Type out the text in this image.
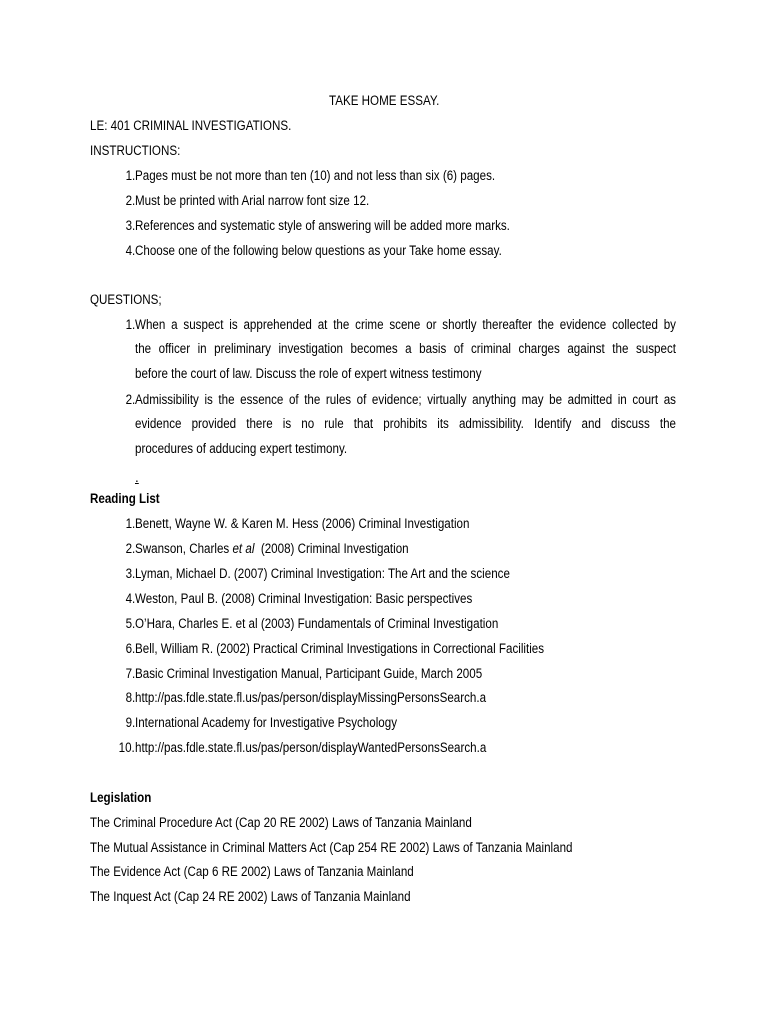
TAKE HOME ESSAY.
LE: 401 CRIMINAL INVESTIGATIONS.
INSTRUCTIONS:
1. Pages must be not more than ten (10) and not less than six (6) pages.
2. Must be printed with Arial narrow font size 12.
3. References and systematic style of answering will be added more marks.
4. Choose one of the following below questions as your Take home essay.
QUESTIONS;
1. When a suspect is apprehended at the crime scene or shortly thereafter the evidence collected by
the officer in preliminary investigation becomes a basis of criminal charges against the suspect
before the court of law. Discuss the role of expert witness testimony
2. Admissibility is the essence of the rules of evidence; virtually anything may be admitted in court as
evidence provided there is no rule that prohibits its admissibility. Identify and discuss the
procedures of adducing expert testimony.
.
Reading List
1. Benett, Wayne W. & Karen M. Hess (2006) Criminal Investigation
2. Swanson, Charles et al  (2008) Criminal Investigation
3. Lyman, Michael D. (2007) Criminal Investigation: The Art and the science
4. Weston, Paul B. (2008) Criminal Investigation: Basic perspectives
5. O’Hara, Charles E. et al (2003) Fundamentals of Criminal Investigation
6. Bell, William R. (2002) Practical Criminal Investigations in Correctional Facilities
7. Basic Criminal Investigation Manual, Participant Guide, March 2005
8. http://pas.fdle.state.fl.us/pas/person/displayMissingPersonsSearch.a
9. International Academy for Investigative Psychology
10. http://pas.fdle.state.fl.us/pas/person/displayWantedPersonsSearch.a
Legislation
The Criminal Procedure Act (Cap 20 RE 2002) Laws of Tanzania Mainland
The Mutual Assistance in Criminal Matters Act (Cap 254 RE 2002) Laws of Tanzania Mainland
The Evidence Act (Cap 6 RE 2002) Laws of Tanzania Mainland
The Inquest Act (Cap 24 RE 2002) Laws of Tanzania Mainland
